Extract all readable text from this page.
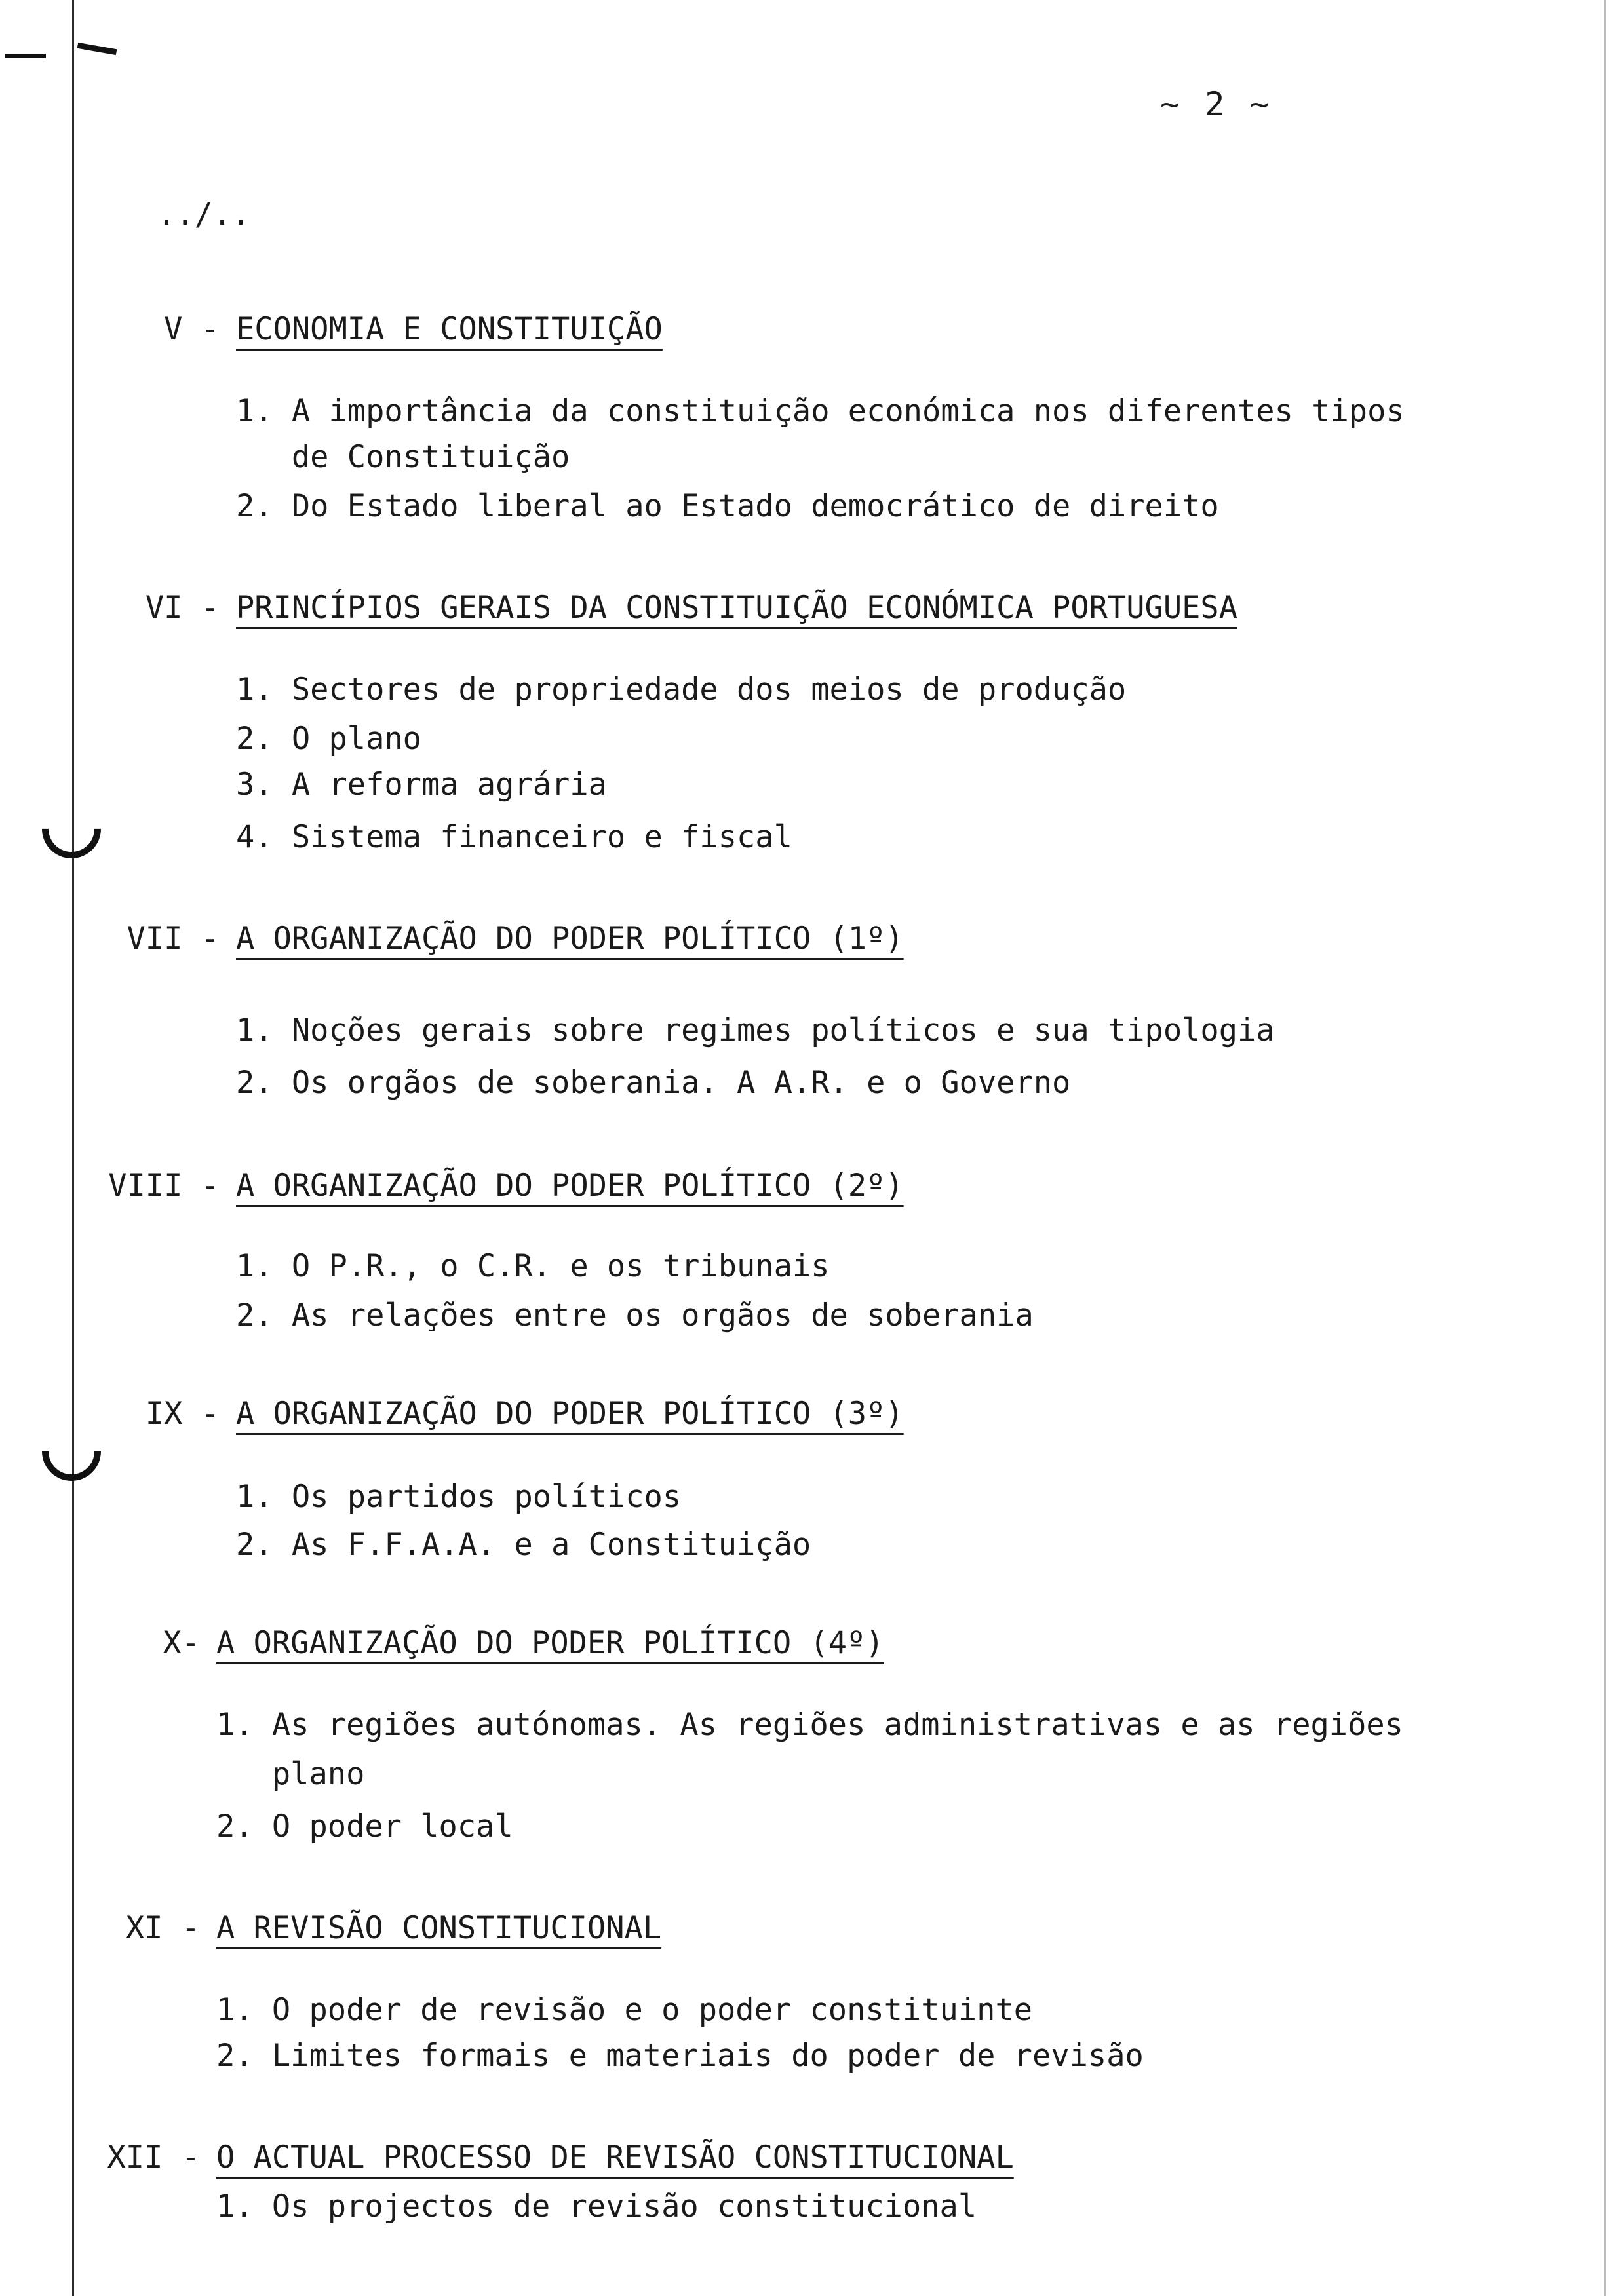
~ 2 ~
../..
V - ECONOMIA E CONSTITUIÇÃO
1. A importância da constituição económica nos diferentes tipos
de Constituição
2. Do Estado liberal ao Estado democrático de direito
VI - PRINCÍPIOS GERAIS DA CONSTITUIÇÃO ECONÓMICA PORTUGUESA
1. Sectores de propriedade dos meios de produção
2. O plano
3. A reforma agrária
4. Sistema financeiro e fiscal
VII - A ORGANIZAÇÃO DO PODER POLÍTICO (1º)
1. Noções gerais sobre regimes políticos e sua tipologia
2. Os orgãos de soberania. A A.R. e o Governo
VIII - A ORGANIZAÇÃO DO PODER POLÍTICO (2º)
1. O P.R., o C.R. e os tribunais
2. As relações entre os orgãos de soberania
IX - A ORGANIZAÇÃO DO PODER POLÍTICO (3º)
1. Os partidos políticos
2. As F.F.A.A. e a Constituição
X- A ORGANIZAÇÃO DO PODER POLÍTICO (4º)
1. As regiões autónomas. As regiões administrativas e as regiões
plano
2. O poder local
XI - A REVISÃO CONSTITUCIONAL
1. O poder de revisão e o poder constituinte
2. Limites formais e materiais do poder de revisão
XII - O ACTUAL PROCESSO DE REVISÃO CONSTITUCIONAL
1. Os projectos de revisão constitucional
